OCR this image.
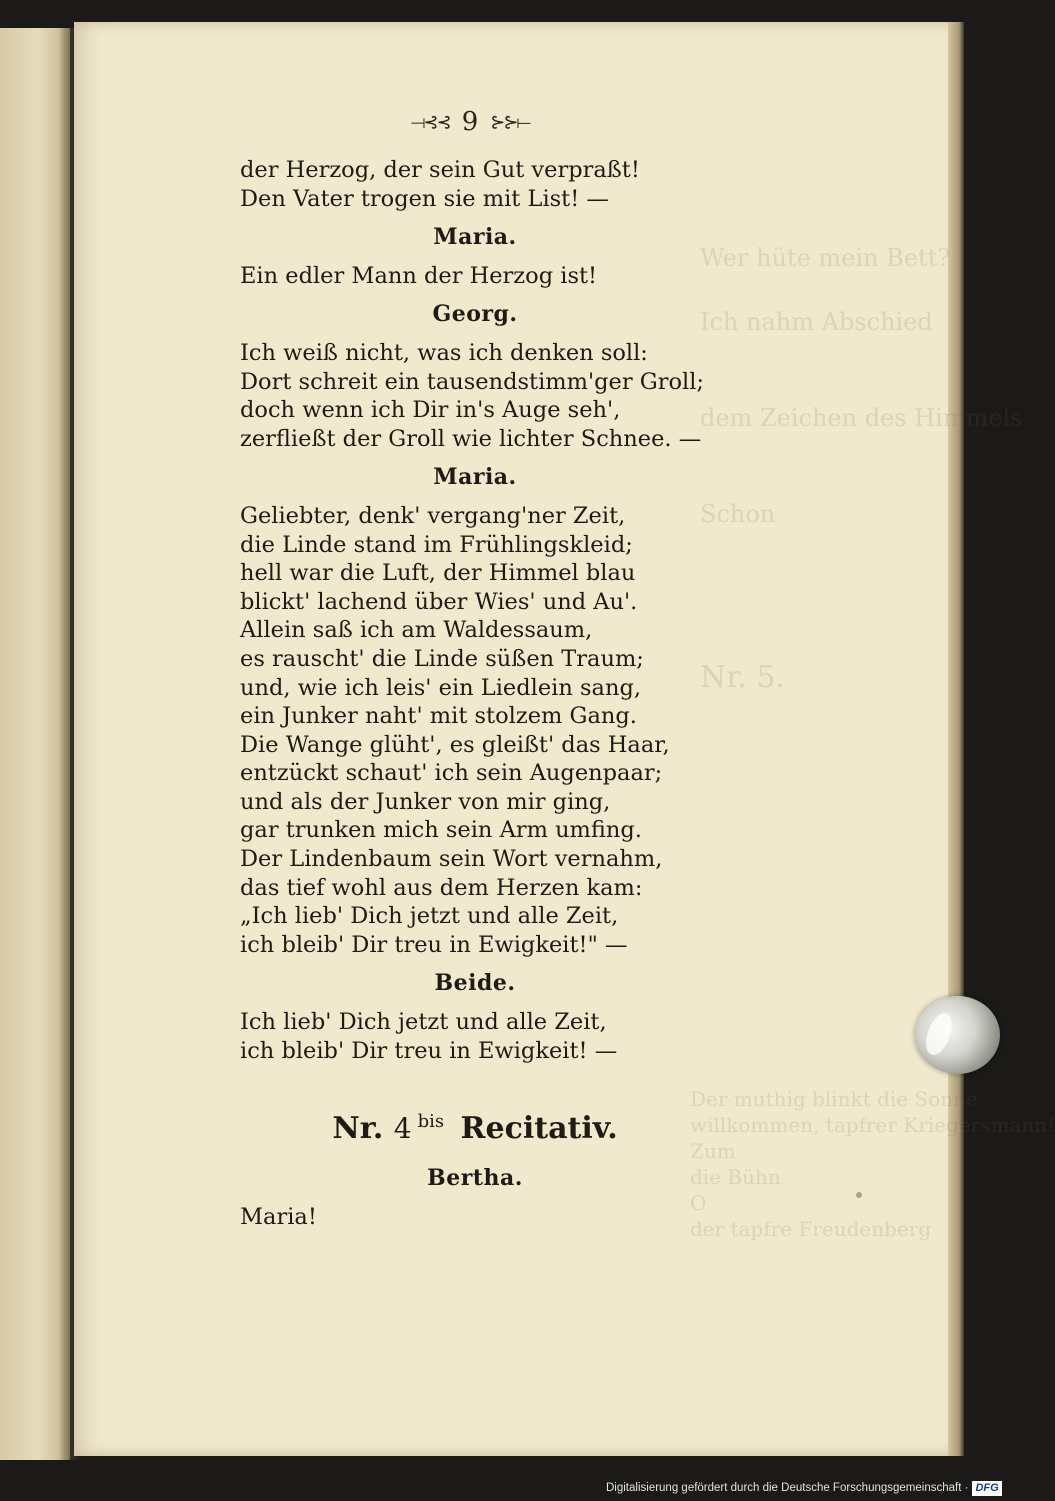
Himmels

Kriegersmann!

⟞⊰⊰ 9 ⊱⊱⟝
der Herzog, der sein Gut verpraßt!
Den Vater trogen sie mit List! —
Maria.
Ein edler Mann der Herzog ist!
Georg.
Ich weiß nicht, was ich denken soll:
Dort schreit ein tausendstimm'ger Groll;
doch wenn ich Dir in's Auge seh',
zerfließt der Groll wie lichter Schnee. —
Maria.
Geliebter, denk' vergang'ner Zeit,
die Linde stand im Frühlingskleid;
hell war die Luft, der Himmel blau
blickt' lachend über Wies' und Au'.
Allein saß ich am Waldessaum,
es rauscht' die Linde süßen Traum;
und, wie ich leis' ein Liedlein sang,
ein Junker naht' mit stolzem Gang.
Die Wange glüht', es gleißt' das Haar,
entzückt schaut' ich sein Augenpaar;
und als der Junker von mir ging,
gar trunken mich sein Arm umfing.
Der Lindenbaum sein Wort vernahm,
das tief wohl aus dem Herzen kam:
„Ich lieb' Dich jetzt und alle Zeit,
ich bleib' Dir treu in Ewigkeit!" —
Beide.
Ich lieb' Dich jetzt und alle Zeit,
ich bleib' Dir treu in Ewigkeit! —
Nr. 4 $^{bis}$ Recitativ.
Bertha.
Maria!
Digitalisierung gefördert durch die Deutsche Forschungsgemeinschaft · DFG
